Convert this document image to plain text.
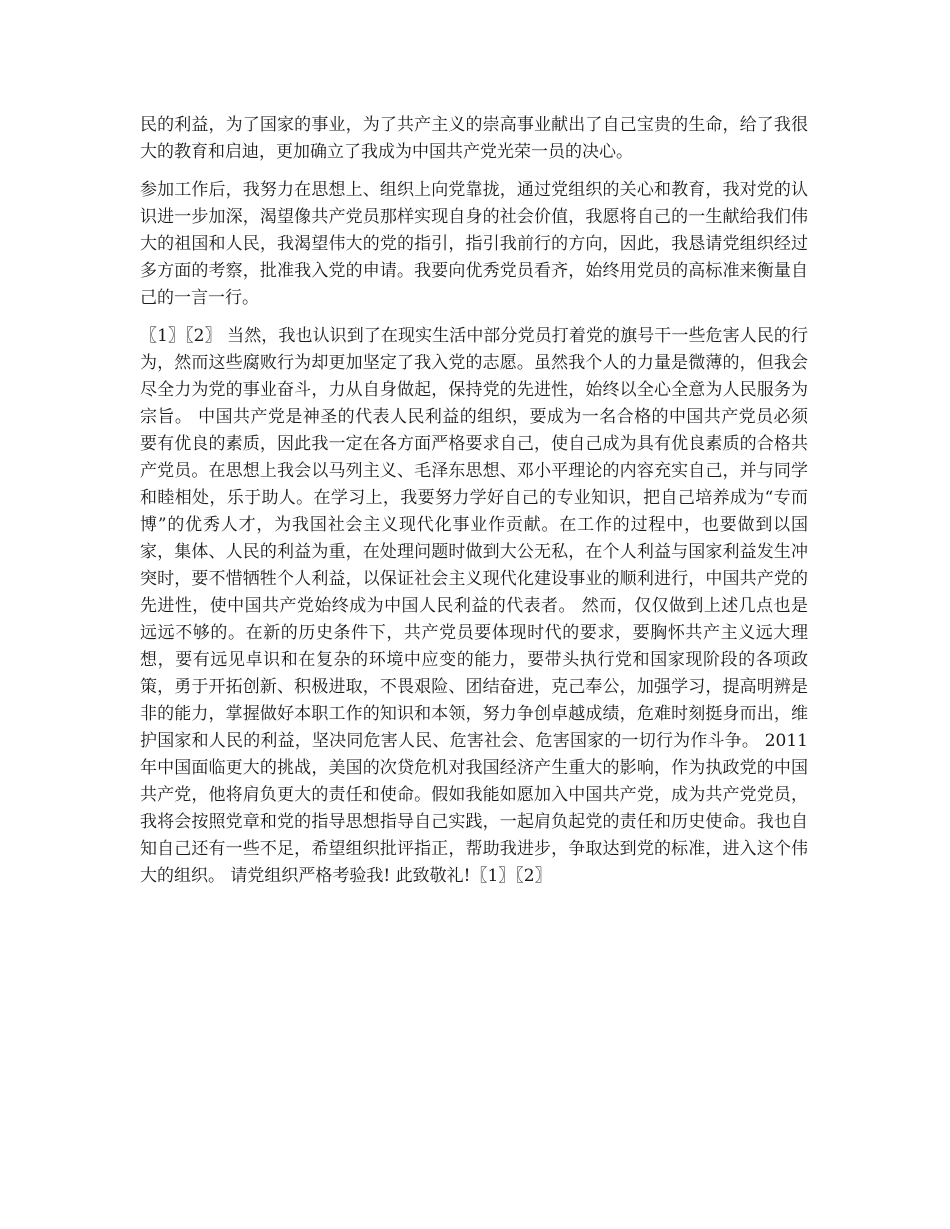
民的利益，为了国家的事业，为了共产主义的崇高事业献出了自己宝贵的生命，给了我很大的教育和启迪，更加确立了我成为中国共产党光荣一员的决心。

参加工作后，我努力在思想上、组织上向党靠拢，通过党组织的关心和教育，我对党的认识进一步加深，渴望像共产党员那样实现自身的社会价值，我愿将自己的一生献给我们伟大的祖国和人民，我渴望伟大的党的指引，指引我前行的方向，因此，我恳请党组织经过多方面的考察，批准我入党的申请。我要向优秀党员看齐，始终用党员的高标准来衡量自己的一言一行。

〖1〗〖2〗 当然，我也认识到了在现实生活中部分党员打着党的旗号干一些危害人民的行为，然而这些腐败行为却更加坚定了我入党的志愿。虽然我个人的力量是微薄的，但我会尽全力为党的事业奋斗，力从自身做起，保持党的先进性，始终以全心全意为人民服务为宗旨。 中国共产党是神圣的代表人民利益的组织，要成为一名合格的中国共产党员必须要有优良的素质，因此我一定在各方面严格要求自己，使自己成为具有优良素质的合格共产党员。在思想上我会以马列主义、毛泽东思想、邓小平理论的内容充实自己，并与同学和睦相处，乐于助人。在学习上，我要努力学好自己的专业知识，把自己培养成为“专而博”的优秀人才，为我国社会主义现代化事业作贡献。在工作的过程中，也要做到以国家，集体、人民的利益为重，在处理问题时做到大公无私，在个人利益与国家利益发生冲突时，要不惜牺牲个人利益，以保证社会主义现代化建设事业的顺利进行，中国共产党的先进性，使中国共产党始终成为中国人民利益的代表者。 然而，仅仅做到上述几点也是远远不够的。在新的历史条件下，共产党员要体现时代的要求，要胸怀共产主义远大理想，要有远见卓识和在复杂的环境中应变的能力，要带头执行党和国家现阶段的各项政策，勇于开拓创新、积极进取，不畏艰险、团结奋进，克己奉公，加强学习，提高明辨是非的能力，掌握做好本职工作的知识和本领，努力争创卓越成绩，危难时刻挺身而出，维护国家和人民的利益，坚决同危害人民、危害社会、危害国家的一切行为作斗争。 2011年中国面临更大的挑战，美国的次贷危机对我国经济产生重大的影响，作为执政党的中国共产党，他将肩负更大的责任和使命。假如我能如愿加入中国共产党，成为共产党党员，我将会按照党章和党的指导思想指导自己实践，一起肩负起党的责任和历史使命。我也自知自己还有一些不足，希望组织批评指正，帮助我进步，争取达到党的标准，进入这个伟大的组织。 请党组织严格考验我! 此致敬礼!〖1〗〖2〗
